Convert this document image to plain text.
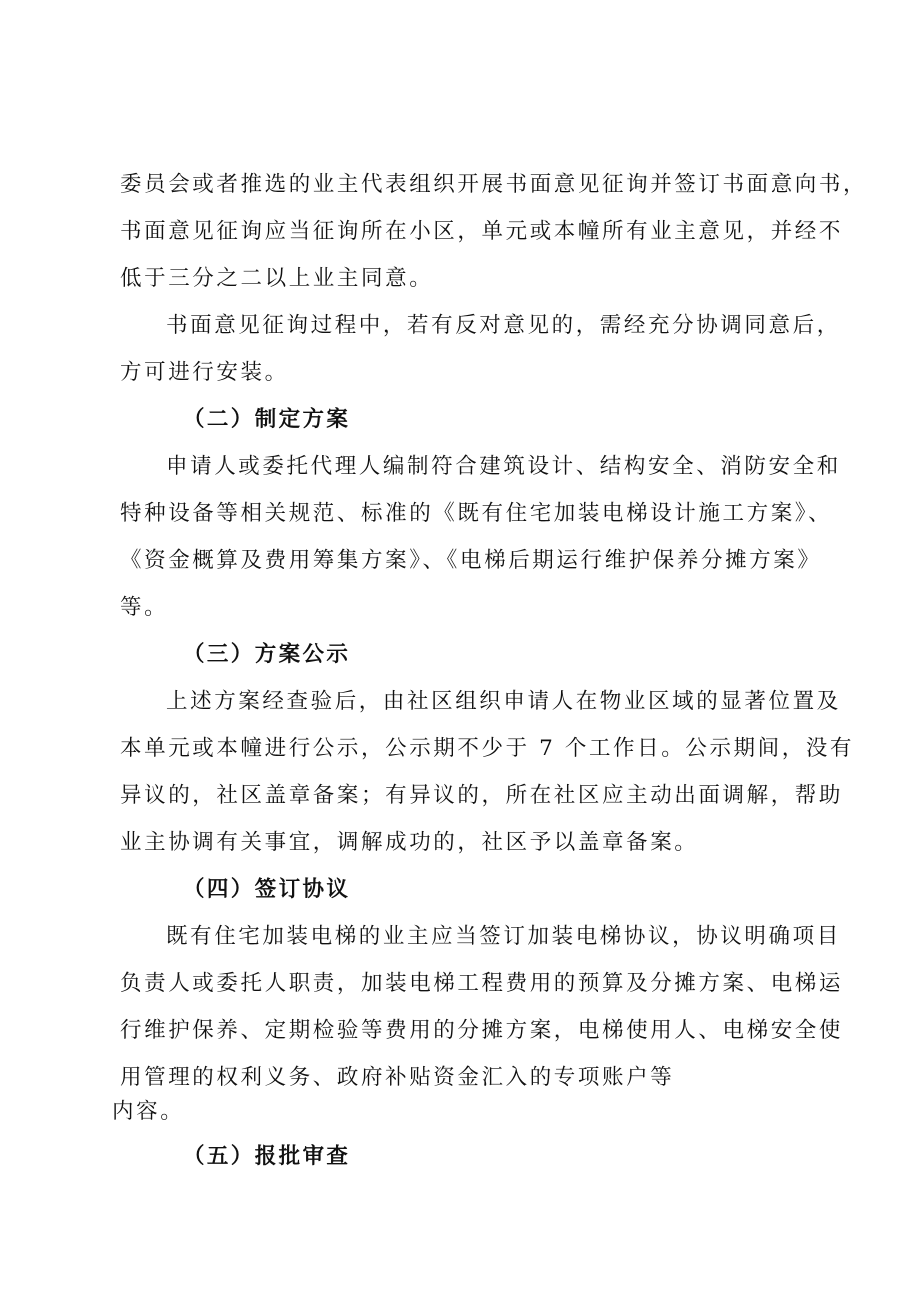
委员会或者推选的业主代表组织开展书面意见征询并签订书面意向书，

书面意见征询应当征询所在小区，单元或本幢所有业主意见，并经不

低于三分之二以上业主同意。

书面意见征询过程中，若有反对意见的，需经充分协调同意后，

方可进行安装。

（二）制定方案

申请人或委托代理人编制符合建筑设计、结构安全、消防安全和

特种设备等相关规范、标准的《既有住宅加装电梯设计施工方案》、

《资金概算及费用筹集方案》、《电梯后期运行维护保养分摊方案》

等。

（三）方案公示

上述方案经查验后，由社区组织申请人在物业区域的显著位置及

本单元或本幢进行公示，公示期不少于 7 个工作日。公示期间，没有

异议的，社区盖章备案；有异议的，所在社区应主动出面调解，帮助

业主协调有关事宜，调解成功的，社区予以盖章备案。

（四）签订协议

既有住宅加装电梯的业主应当签订加装电梯协议，协议明确项目

负责人或委托人职责，加装电梯工程费用的预算及分摊方案、电梯运

行维护保养、定期检验等费用的分摊方案，电梯使用人、电梯安全使

用管理的权利义务、政府补贴资金汇入的专项账户等

内容。

（五）报批审查
